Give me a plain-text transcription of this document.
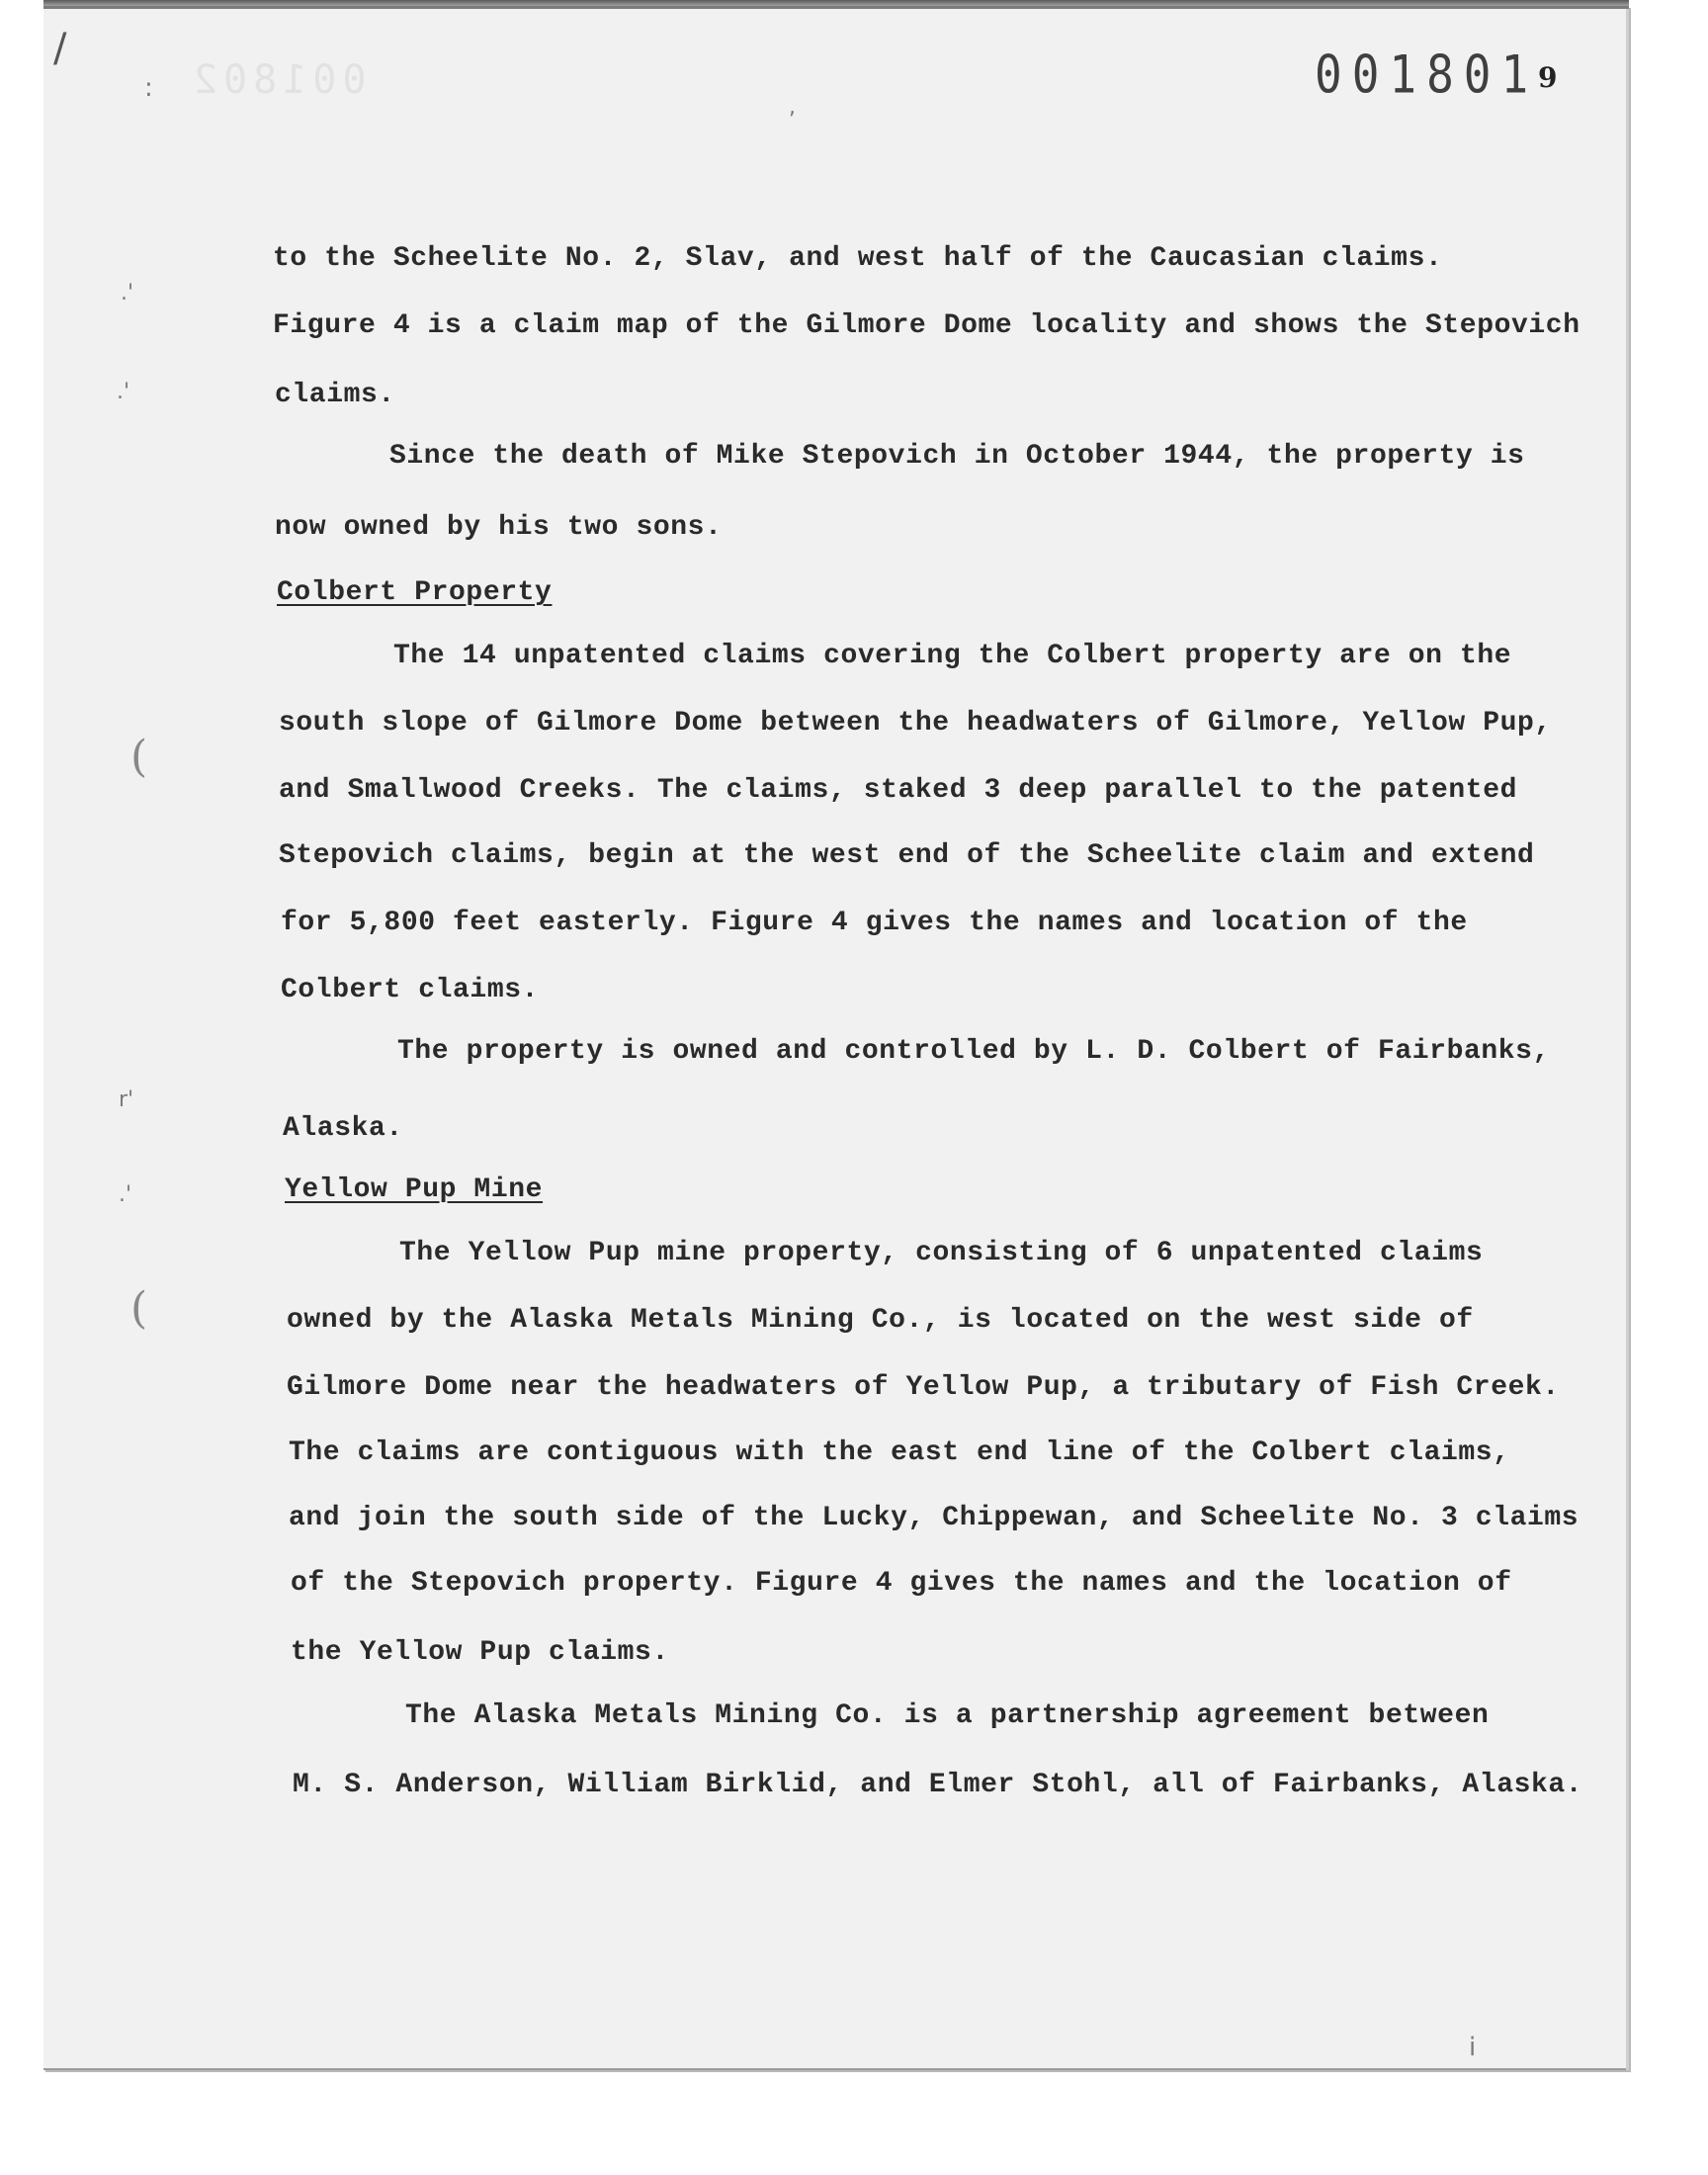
001802	001801 9
/
,
:
.'
.'
r'
.'
i
(
(
to the Scheelite No. 2, Slav, and west half of the Caucasian claims.
Figure 4 is a claim map of the Gilmore Dome locality and shows the Stepovich
claims.
Since the death of Mike Stepovich in October 1944, the property is
now owned by his two sons.
Colbert Property
The 14 unpatented claims covering the Colbert property are on the
south slope of Gilmore Dome between the headwaters of Gilmore, Yellow Pup,
and Smallwood Creeks. The claims, staked 3 deep parallel to the patented
Stepovich claims, begin at the west end of the Scheelite claim and extend
for 5,800 feet easterly. Figure 4 gives the names and location of the
Colbert claims.
The property is owned and controlled by L. D. Colbert of Fairbanks,
Alaska.
Yellow Pup Mine
The Yellow Pup mine property, consisting of 6 unpatented claims
owned by the Alaska Metals Mining Co., is located on the west side of
Gilmore Dome near the headwaters of Yellow Pup, a tributary of Fish Creek.
The claims are contiguous with the east end line of the Colbert claims,
and join the south side of the Lucky, Chippewan, and Scheelite No. 3 claims
of the Stepovich property. Figure 4 gives the names and the location of
the Yellow Pup claims.
The Alaska Metals Mining Co. is a partnership agreement between
M. S. Anderson, William Birklid, and Elmer Stohl, all of Fairbanks, Alaska.
